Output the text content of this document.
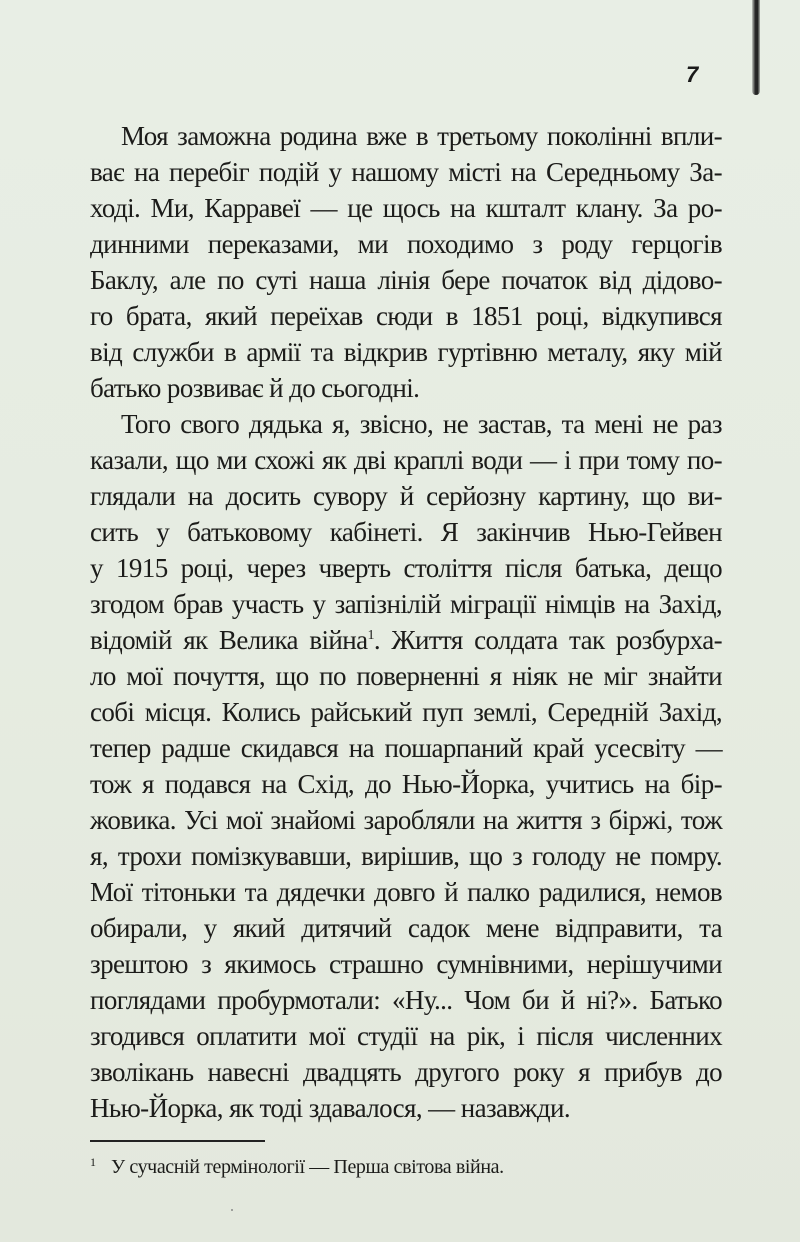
7
Моя заможна родина вже в третьому поколінні впли-
ває на перебіг подій у нашому місті на Середньому За-
ході. Ми, Карравеї — це щось на кшталт клану. За ро-
динними переказами, ми походимо з роду герцогів
Баклу, але по суті наша лінія бере початок від дідово-
го брата, який переїхав сюди в 1851 році, відкупився
від служби в армії та відкрив гуртівню металу, яку мій
батько розвиває й до сьогодні.
Того свого дядька я, звісно, не застав, та мені не раз
казали, що ми схожі як дві краплі води — і при тому по-
глядали на досить сувору й серйозну картину, що ви-
сить у батьковому кабінеті. Я закінчив Нью-Гейвен
у 1915 році, через чверть століття після батька, дещо
згодом брав участь у запізнілій міграції німців на Захід,
відомій як Велика війна$^1$. Життя солдата так розбурха-
ло мої почуття, що по поверненні я ніяк не міг знайти
собі місця. Колись райський пуп землі, Середній Захід,
тепер радше скидався на пошарпаний край усесвіту —
тож я подався на Схід, до Нью-Йорка, учитись на бір-
жовика. Усі мої знайомі заробляли на життя з біржі, тож
я, трохи помізкувавши, вирішив, що з голоду не помру.
Мої тітоньки та дядечки довго й палко радилися, немов
обирали, у який дитячий садок мене відправити, та
зрештою з якимось страшно сумнівними, нерішучими
поглядами пробурмотали: «Ну... Чом би й ні?». Батько
згодився оплатити мої студії на рік, і після численних
зволікань навесні двадцять другого року я прибув до
Нью-Йорка, як тоді здавалося, — назавжди.
1 У сучасній термінології — Перша світова війна.
